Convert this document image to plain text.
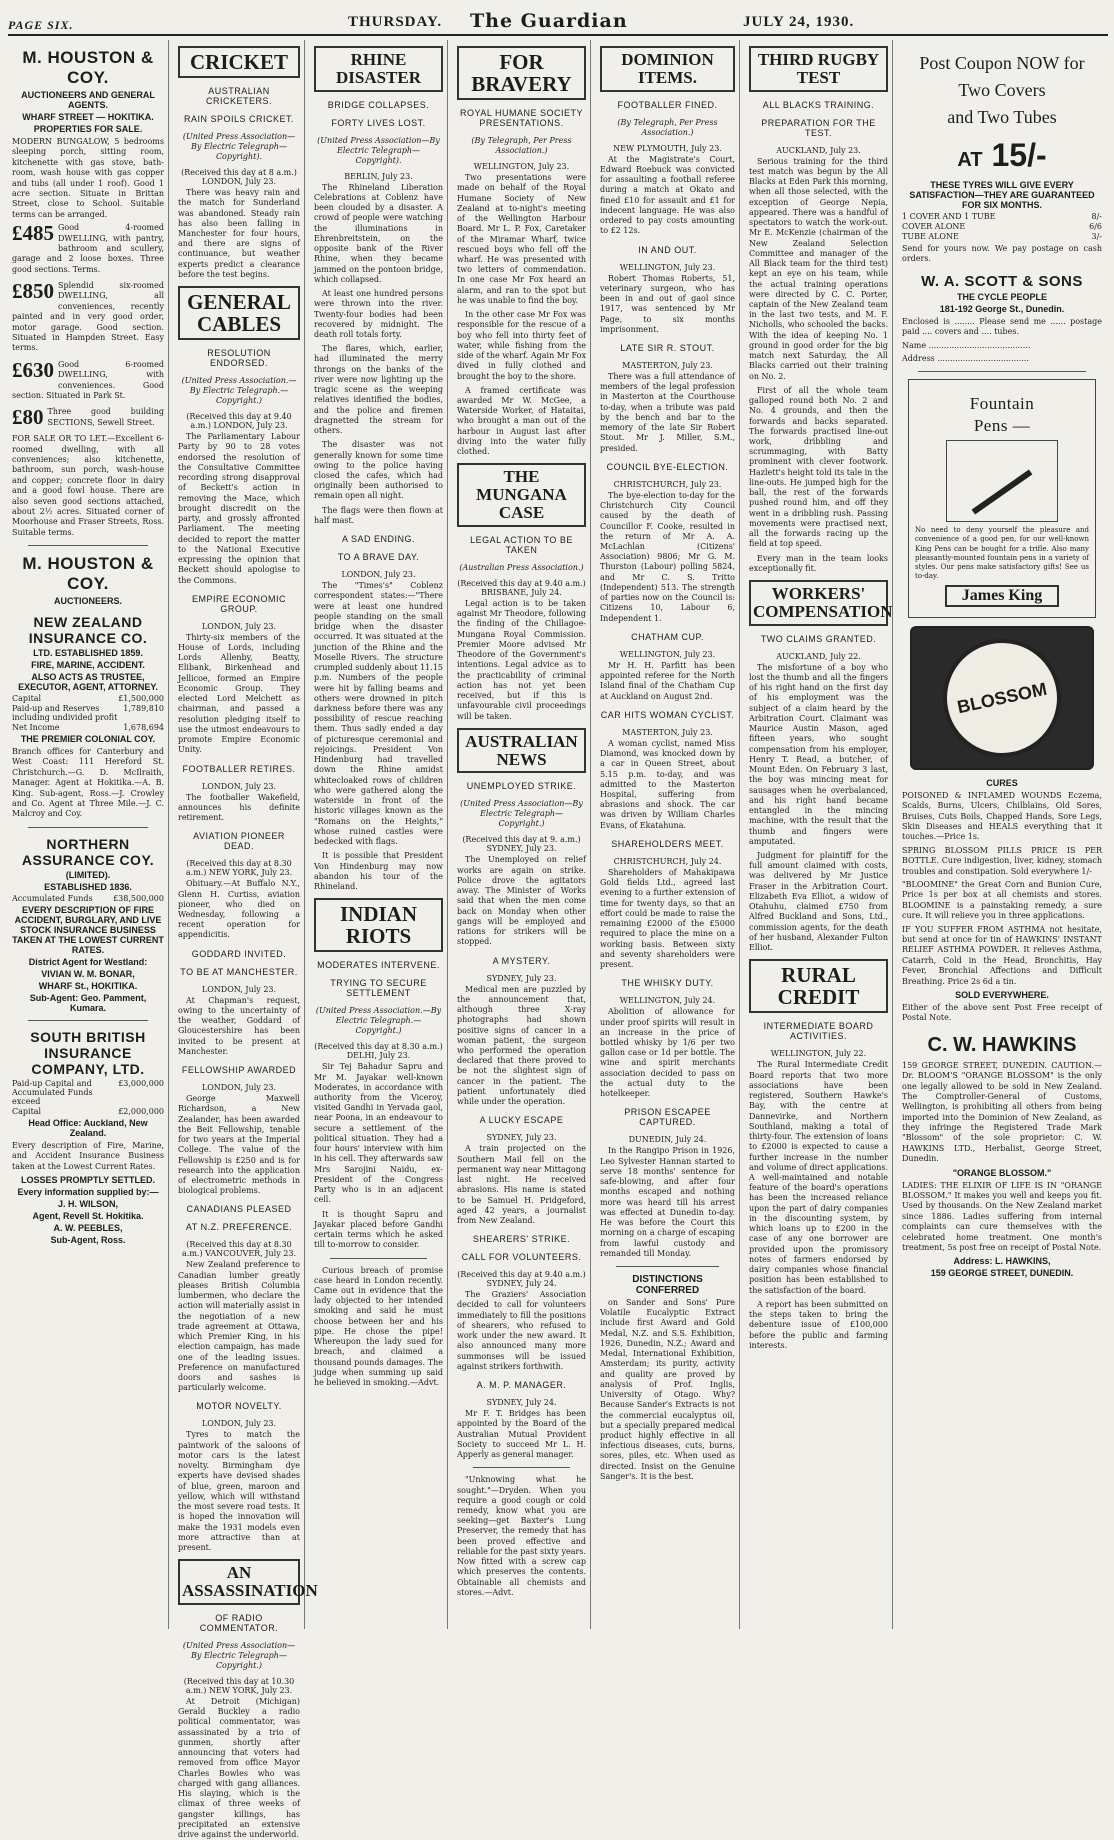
PAGE SIX.	THURSDAY. The Guardian	JULY 24, 1930.
M. HOUSTON & COY.
AUCTIONEERS AND GENERAL AGENTS.
WHARF STREET — HOKITIKA.
PROPERTIES FOR SALE.
MODERN BUNGALOW, 5 bedrooms sleeping porch, sitting room, kitchenette with gas stove, bath-room, wash house with gas copper and tubs (all under 1 roof). Good 1 acre section. Situate in Brittan Street, close to School. Suitable terms can be arranged.
£485 Good 4-roomed DWELLING, with pantry, bathroom and scullery, garage and 2 loose boxes. Three good sections. Terms.
£850 Splendid six-roomed DWELLING, all conveniences, recently painted and in very good order, motor garage. Good section. Situated in Hampden Street. Easy terms.
£630 Good 6-roomed DWELLING, with conveniences. Good section. Situated in Park St.
£80 Three good building SECTIONS, Sewell Street.
FOR SALE OR TO LET.—Excellent 6-roomed dwelling, with all conveniences; also kitchenette, bathroom, sun porch, wash-house and copper; concrete floor in dairy and a good fowl house. There are also seven good sections attached, about 2½ acres. Situated corner of Moorhouse and Fraser Streets, Ross. Suitable terms.
M. HOUSTON & COY.
AUCTIONEERS.
NEW ZEALAND INSURANCE CO.
LTD. ESTABLISHED 1859.
FIRE, MARINE, ACCIDENT.
ALSO ACTS AS TRUSTEE, EXECUTOR, AGENT, ATTORNEY.
Capital	£1,500,000
Paid-up and Reserves including undivided profit
1,789,810
Net Income	1,678,694
THE PREMIER COLONIAL COY.
Branch offices for Canterbury and West Coast: 111 Hereford St. Christchurch.—G. D. McIlraith, Manager. Agent at Hokitika.—A. B. King. Sub-agent, Ross.—J. Crowley and Co. Agent at Three Mile.—J. C. Malcroy and Coy.
NORTHERN ASSURANCE COY.
(LIMITED).
ESTABLISHED 1836.
Accumulated Funds	£38,500,000
EVERY DESCRIPTION OF FIRE ACCIDENT, BURGLARY, AND LIVE STOCK INSURANCE BUSINESS TAKEN AT THE LOWEST CURRENT RATES.
District Agent for Westland:
VIVIAN W. M. BONAR,
WHARF St., HOKITIKA.
Sub-Agent: Geo. Pamment, Kumara.
SOUTH BRITISH INSURANCE COMPANY, LTD.
Paid-up Capital and Accumulated Funds exceed
£3,000,000
Capital	£2,000,000
Head Office: Auckland, New Zealand.
Every description of Fire, Marine, and Accident Insurance Business taken at the Lowest Current Rates.
LOSSES PROMPTLY SETTLED.
Every information supplied by:—
J. H. WILSON,
Agent, Revell St. Hokitika.
A. W. PEEBLES,
Sub-Agent, Ross.
CRICKET
AUSTRALIAN CRICKETERS.
RAIN SPOILS CRICKET.
(United Press Association—By Electric Telegraph—Copyright).
(Received this day at 8 a.m.) LONDON, July 23.

There was heavy rain and the match for Sunderland was abandoned. Steady rain has also been falling in Manchester for four hours, and there are signs of continuance, but weather experts predict a clearance before the test begins.

GENERAL CABLES
RESOLUTION ENDORSED.
(United Press Association.—By Electric Telegraph.—Copyright.)
(Received this day at 9.40 a.m.) LONDON, July 23.

The Parliamentary Labour Party by 90 to 28 votes endorsed the resolution of the Consultative Committee recording strong disapproval of Beckett's action in removing the Mace, which brought discredit on the party, and grossly affronted Parliament. The meeting decided to report the matter to the National Executive expressing the opinion that Beckett should apologise to the Commons.

EMPIRE ECONOMIC GROUP.
LONDON, July 23.

Thirty-six members of the House of Lords, including Lords Allenby, Beatty, Elibank, Birkenhead and Jellicoe, formed an Empire Economic Group. They elected Lord Melchett as chairman, and passed a resolution pledging itself to use the utmost endeavours to promote Empire Economic Unity.

FOOTBALLER RETIRES.
LONDON, July 23.

The footballer Wakefield, announces his definite retirement.

AVIATION PIONEER DEAD.
(Received this day at 8.30 a.m.) NEW YORK, July 23.

Obituary.—At Buffalo N.Y., Glenn H. Curtiss, aviation pioneer, who died on Wednesday, following a recent operation for appendicitis.

GODDARD INVITED.
TO BE AT MANCHESTER.
LONDON, July 23.

At Chapman's request, owing to the uncertainty of the weather, Goddard of Gloucestershire has been invited to be present at Manchester.

FELLOWSHIP AWARDED
LONDON, July 23.

George Maxwell Richardson, a New Zealander, has been awarded the Beit Fellowship, tenable for two years at the Imperial College. The value of the Fellowship is £250 and is for research into the application of electrometric methods in biological problems.

CANADIANS PLEASED
AT N.Z. PREFERENCE.
(Received this day at 8.30 a.m.) VANCOUVER, July 23.

New Zealand preference to Canadian lumber greatly pleases British Columbia lumbermen, who declare the action will materially assist in the negotiation of a new trade agreement at Ottawa, which Premier King, in his election campaign, has made one of the leading issues. Preference on manufactured doors and sashes is particularly welcome.

MOTOR NOVELTY.
LONDON, July 23.

Tyres to match the paintwork of the saloons of motor cars is the latest novelty. Birmingham dye experts have devised shades of blue, green, maroon and yellow, which will withstand the most severe road tests. It is hoped the innovation will make the 1931 models even more attractive than at present.

AN ASSASSINATION
OF RADIO COMMENTATOR.
(United Press Association—By Electric Telegraph—Copyright.)
(Received this day at 10.30 a.m.) NEW YORK, July 23.

At Detroit (Michigan) Gerald Buckley a radio political commentator, was assassinated by a trio of gunmen, shortly after announcing that voters had removed from office Mayor Charles Bowles who was charged with gang alliances. His slaying, which is the climax of three weeks of gangster killings, has precipitated an extensive drive against the underworld.

RHINE DISASTER
BRIDGE COLLAPSES.
FORTY LIVES LOST.
(United Press Association—By Electric Telegraph—Copyright).
BERLIN, July 23.

The Rhineland Liberation Celebrations at Coblenz have been clouded by a disaster. A crowd of people were watching the illuminations in Ehrenbreitstein, on the opposite bank of the River Rhine, when they became jammed on the pontoon bridge, which collapsed.

At least one hundred persons were thrown into the river. Twenty-four bodies had been recovered by midnight. The death roll totals forty.

The flares, which, earlier, had illuminated the merry throngs on the banks of the river were now lighting up the tragic scene as the weeping relatives identified the bodies, and the police and firemen dragnetted the stream for others.

The disaster was not generally known for some time owing to the police having closed the cafes, which had originally been authorised to remain open all night.

The flags were then flown at half mast.

A SAD ENDING.
TO A BRAVE DAY.
LONDON, July 23.

The "Times's" Coblenz correspondent states:—"There were at least one hundred people standing on the small bridge when the disaster occurred. It was situated at the junction of the Rhine and the Moselle Rivers. The structure crumpled suddenly about 11.15 p.m. Numbers of the people were hit by falling beams and others were drowned in pitch darkness before there was any possibility of rescue reaching them. Thus sadly ended a day of picturesque ceremonial and rejoicings. President Von Hindenburg had travelled down the Rhine amidst whitecloaked rows of children who were gathered along the waterside in front of the historic villages known as the "Romans on the Heights," whose ruined castles were bedecked with flags.

It is possible that President Von Hindenburg may now abandon his tour of the Rhineland.

INDIAN RIOTS
MODERATES INTERVENE.
TRYING TO SECURE SETTLEMENT
(United Press Association.—By Electric Telegraph.—Copyright.)
(Received this day at 8.30 a.m.) DELHI, July 23.

Sir Tej Bahadur Sapru and Mr M. Jayakar well-known Moderates, in accordance with authority from the Viceroy, visited Gandhi in Yervada gaol, near Poona, in an endeavour to secure a settlement of the political situation. They had a four hours' interview with him in his cell. They afterwards saw Mrs Sarojini Naidu, ex-President of the Congress Party who is in an adjacent cell.

It is thought Sapru and Jayakar placed before Gandhi certain terms which he asked till to-morrow to consider.

Curious breach of promise case heard in London recently. Came out in evidence that the lady objected to her intended smoking and said he must choose between her and his pipe. He chose the pipe! Whereupon the lady sued for breach, and claimed a thousand pounds damages. The judge when summing up said he believed in smoking.—Advt.

FOR BRAVERY
ROYAL HUMANE SOCIETY PRESENTATIONS.
(By Telegraph, Per Press Association.)
WELLINGTON, July 23.

Two presentations were made on behalf of the Royal Humane Society of New Zealand at to-night's meeting of the Wellington Harbour Board. Mr L. P. Fox, Caretaker of the Miramar Wharf, twice rescued boys who fell off the wharf. He was presented with two letters of commendation. In one case Mr Fox heard an alarm, and ran to the spot but he was unable to find the boy.

In the other case Mr Fox was responsible for the rescue of a boy who fell into thirty feet of water, while fishing from the side of the wharf. Again Mr Fox dived in fully clothed and brought the boy to the shore.

A framed certificate was awarded Mr W. McGee, a Waterside Worker, of Hataitai, who brought a man out of the harbour in August last after diving into the water fully clothed.

THE MUNGANA CASE
LEGAL ACTION TO BE TAKEN
(Australian Press Association.)
(Received this day at 9.40 a.m.) BRISBANE, July 24.

Legal action is to be taken against Mr Theodore, following the finding of the Chillagoe-Mungana Royal Commission. Premier Moore advised Mr Theodore of the Government's intentions. Legal advice as to the practicability of criminal action has not yet been received, but if this is unfavourable civil proceedings will be taken.

AUSTRALIAN NEWS
UNEMPLOYED STRIKE.
(United Press Association—By Electric Telegraph—Copyright.)
(Received this day at 9. a.m.) SYDNEY, July 23.

The Unemployed on relief works are again on strike. Police drove the agitators away. The Minister of Works said that when the men come back on Monday when other gangs will be employed and rations for strikers will be stopped.

A MYSTERY.
SYDNEY, July 23.

Medical men are puzzled by the announcement that, although three X-ray photographs had shown positive signs of cancer in a woman patient, the surgeon who performed the operation declared that there proved to be not the slightest sign of cancer in the patient. The patient unfortunately died while under the operation.

A LUCKY ESCAPE
SYDNEY, July 23.

A train projected on the Southern Mail fell on the permanent way near Mittagong last night. He received abrasions. His name is stated to be Samuel H. Pridgeford, aged 42 years, a journalist from New Zealand.

SHEARERS' STRIKE.
CALL FOR VOLUNTEERS.
(Received this day at 9.40 a.m.) SYDNEY, July 24.

The Graziers' Association decided to call for volunteers immediately to fill the positions of shearers, who refused to work under the new award. It also announced many more summonses will be issued against strikers forthwith.

A. M. P. MANAGER.
SYDNEY, July 24.

Mr F. T. Bridges has been appointed by the Board of the Australian Mutual Provident Society to succeed Mr L. H. Apperly as general manager.

"Unknowing what he sought."—Dryden. When you require a good cough or cold remedy, know what you are seeking—get Baxter's Lung Preserver, the remedy that has been proved effective and reliable for the past sixty years. Now fitted with a screw cap which preserves the contents. Obtainable all chemists and stores.—Advt.

DOMINION ITEMS.
FOOTBALLER FINED.
(By Telegraph, Per Press Association.)
NEW PLYMOUTH, July 23.

At the Magistrate's Court, Edward Roebuck was convicted for assaulting a football referee during a match at Okato and fined £10 for assault and £1 for indecent language. He was also ordered to pay costs amounting to £2 12s.

IN AND OUT.
WELLINGTON, July 23.

Robert Thomas Roberts, 51, veterinary surgeon, who has been in and out of gaol since 1917, was sentenced by Mr Page, to six months imprisonment.

LATE SIR R. STOUT.
MASTERTON, July 23.

There was a full attendance of members of the legal profession in Masterton at the Courthouse to-day, when a tribute was paid by the bench and bar to the memory of the late Sir Robert Stout. Mr J. Miller, S.M., presided.

COUNCIL BYE-ELECTION.
CHRISTCHURCH, July 23.

The bye-election to-day for the Christchurch City Council caused by the death of Councillor F. Cooke, resulted in the return of Mr A. A. McLachlan (Citizens' Association) 9806; Mr G. M. Thurston (Labour) polling 5824, and Mr C. S. Tritto (Independent) 513. The strength of parties now on the Council is: Citizens 10, Labour 6, Independent 1.

CHATHAM CUP.
WELLINGTON, July 23.

Mr H. H. Parfitt has been appointed referee for the North Island final of the Chatham Cup at Auckland on August 2nd.

CAR HITS WOMAN CYCLIST.
MASTERTON, July 23.

A woman cyclist, named Miss Diamond, was knocked down by a car in Queen Street, about 5.15 p.m. to-day, and was admitted to the Masterton Hospital, suffering from abrasions and shock. The car was driven by William Charles Evans, of Ekatahuna.

SHAREHOLDERS MEET.
CHRISTCHURCH, July 24.

Shareholders of Mahakipawa Gold fields Ltd., agreed last evening to a further extension of time for twenty days, so that an effort could be made to raise the remaining £2000 of the £5000 required to place the mine on a working basis. Between sixty and seventy shareholders were present.

THE WHISKY DUTY.
WELLINGTON, July 24.

Abolition of allowance for under proof spirits will result in an increase in the price of bottled whisky by 1/6 per two gallon case or 1d per bottle. The wine and spirit merchants association decided to pass on the actual duty to the hotelkeeper.

PRISON ESCAPEE CAPTURED.
DUNEDIN, July 24.

In the Rangipo Prison in 1926, Leo Sylvester Hannan started to serve 18 months' sentence for safe-blowing, and after four months escaped and nothing more was heard till his arrest was effected at Dunedin to-day. He was before the Court this morning on a charge of escaping from lawful custody and remanded till Monday.

DISTINCTIONS CONFERRED

on Sander and Sons' Pure Volatile Eucalyptic Extract include first Award and Gold Medal, N.Z. and S.S. Exhibition, 1926, Dunedin, N.Z.; Award and Medal, International Exhibition, Amsterdam; its purity, activity and quality are proved by analysis of Prof. Inglis, University of Otago. Why? Because Sander's Extracts is not the commercial eucalyptus oil, but a specially prepared medical product highly effective in all infectious diseases, cuts, burns, sores, piles, etc. When used as directed. Insist on the Genuine Sanger's. It is the best.

THIRD RUGBY TEST
ALL BLACKS TRAINING.
PREPARATION FOR THE TEST.
AUCKLAND, July 23.

Serious training for the third test match was begun by the All Blacks at Eden Park this morning, when all those selected, with the exception of George Nepia, appeared. There was a handful of spectators to watch the work-out. Mr E. McKenzie (chairman of the New Zealand Selection Committee and manager of the All Black team for the third test) kept an eye on his team, while the actual training operations were directed by C. C. Porter, captain of the New Zealand team in the last two tests, and M. F. Nicholls, who schooled the backs. With the idea of keeping No. 1 ground in good order for the big match next Saturday, the All Blacks carried out their training on No. 2.

First of all the whole team galloped round both No. 2 and No. 4 grounds, and then the forwards and backs separated. The forwards practised line-out work, dribbling and scrummaging, with Batty prominent with clever footwork. Hazlett's height told its tale in the line-outs. He jumped high for the ball, the rest of the forwards pushed round him, and off they went in a dribbling rush. Passing movements were practised next, all the forwards racing up the field at top speed.

Every man in the team looks exceptionally fit.

WORKERS' COMPENSATION
TWO CLAIMS GRANTED.
AUCKLAND, July 22.

The misfortune of a boy who lost the thumb and all the fingers of his right hand on the first day of his employment was the subject of a claim heard by the Arbitration Court. Claimant was Maurice Austin Mason, aged fifteen years, who sought compensation from his employer, Henry T. Read, a butcher, of Mount Eden. On February 3 last, the boy was mincing meat for sausages when he overbalanced, and his right hand became entangled in the mincing machine, with the result that the thumb and fingers were amputated.

Judgment for plaintiff for the full amount claimed with costs, was delivered by Mr Justice Fraser in the Arbitration Court. Elizabeth Eva Elliot, a widow of Otahuhu, claimed £750 from Alfred Buckland and Sons, Ltd., commission agents, for the death of her husband, Alexander Fulton Elliot.

RURAL CREDIT
INTERMEDIATE BOARD ACTIVITIES.
WELLINGTON, July 22.

The Rural Intermediate Credit Board reports that two more associations have been registered, Southern Hawke's Bay, with the centre at Dannevirke, and Northern Southland, making a total of thirty-four. The extension of loans to £2000 is expected to cause a further increase in the number and volume of direct applications. A well-maintained and notable feature of the board's operations has been the increased reliance upon the part of dairy companies in the discounting system, by which loans up to £200 in the case of any one borrower are provided upon the promissory notes of farmers endorsed by dairy companies whose financial position has been established to the satisfaction of the board.

A report has been submitted on the steps taken to bring the debenture issue of £100,000 before the public and farming interests.

Post Coupon NOW for
Two Covers
and Two Tubes
AT 15/-
THESE TYRES WILL GIVE EVERY SATISFACTION—THEY ARE GUARANTEED FOR SIX MONTHS.
1 COVER AND 1 TUBE	8/-
COVER ALONE	6/6
TUBE ALONE	3/-
Send for yours now. We pay postage on cash orders.
W. A. SCOTT & SONS
THE CYCLE PEOPLE
181-192 George St., Dunedin.
Enclosed is ........ Please send me ...... postage paid .... covers and .... tubes.
Name ........................................
Address ....................................
Fountain
Pens —
No need to deny yourself the pleasure and convenience of a good pen, for our well-known King Pens can be bought for a trifle. Also many pleasantly-mounted fountain pens in a variety of styles. Our pens make satisfactory gifts! See us to-day.
James King
BLOSSOM
CURES
POISONED & INFLAMED WOUNDS Eczema, Scalds, Burns, Ulcers, Chilblains, Old Sores, Bruises, Cuts Boils, Chapped Hands, Sore Legs, Skin Diseases and HEALS everything that it touches.—Price 1s.
SPRING BLOSSOM PILLS PRICE IS PER BOTTLE. Cure indigestion, liver, kidney, stomach troubles and constipation. Sold everywhere 1/-
"BLOOMINE" the Great Corn and Bunion Cure, Price 1s per box at all chemists and stores. BLOOMINE is a painstaking remedy, a sure cure. It will relieve you in three applications.
IF YOU SUFFER FROM ASTHMA not hesitate, but send at once for tin of HAWKINS' INSTANT RELIEF ASTHMA POWDER. It relieves Asthma, Catarrh, Cold in the Head, Bronchitis, Hay Fever, Bronchial Affections and Difficult Breathing. Price 2s 6d a tin.
SOLD EVERYWHERE.
Either of the above sent Post Free receipt of Postal Note.
C. W. HAWKINS
159 GEORGE STREET, DUNEDIN. CAUTION.—Dr. BLOOM'S "ORANGE BLOSSOM" is the only one legally allowed to be sold in New Zealand. The Comptroller-General of Customs, Wellington, is prohibiting all others from being imported into the Dominion of New Zealand, as they infringe the Registered Trade Mark "Blossom" of the sole proprietor: C. W. HAWKINS LTD., Herbalist, George Street, Dunedin.
"ORANGE BLOSSOM."
LADIES: THE ELIXIR OF LIFE IS IN "ORANGE BLOSSOM." It makes you well and keeps you fit. Used by thousands. On the New Zealand market since 1886. Ladies suffering from internal complaints can cure themselves with the celebrated home treatment. One month's treatment, 5s post free on receipt of Postal Note.
Address: L. HAWKINS,
159 GEORGE STREET, DUNEDIN.
